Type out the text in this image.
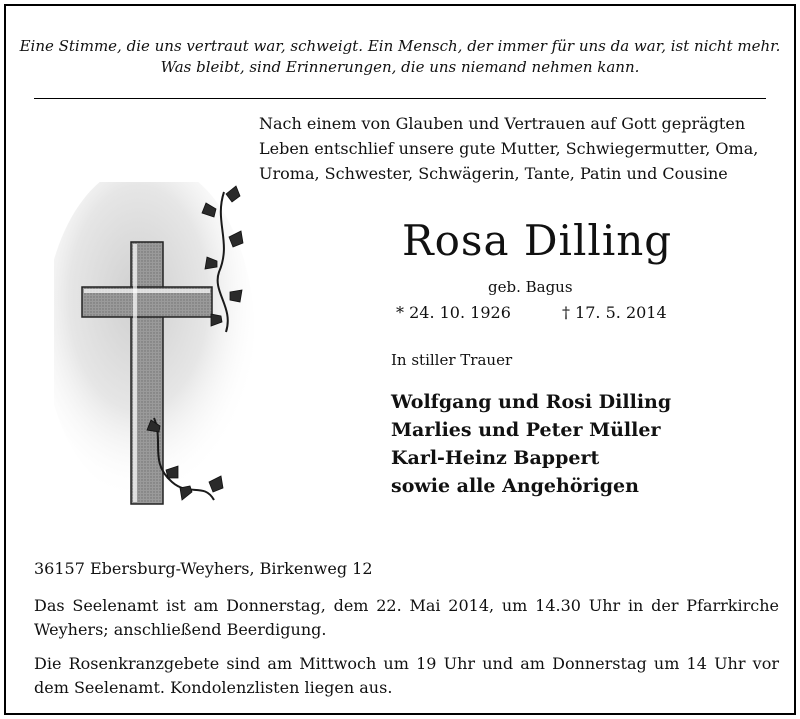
Eine Stimme, die uns vertraut war, schweigt. Ein Mensch, der immer für uns da war, ist nicht mehr.
Was bleibt, sind Erinnerungen, die uns niemand nehmen kann.

Nach einem von Glauben und Vertrauen auf Gott geprägten

Leben entschlief unsere gute Mutter, Schwiegermutter, Oma,

Uroma, Schwester, Schwägerin, Tante, Patin und Cousine

Rosa Dilling
geb. Bagus
* 24. 10. 1926	† 17. 5. 2014
In stiller Trauer
Wolfgang und Rosi Dilling
Marlies und Peter Müller
Karl-Heinz Bappert
sowie alle Angehörigen
36157 Ebersburg-Weyhers, Birkenweg 12
Das Seelenamt ist am Donnerstag, dem 22. Mai 2014, um 14.30 Uhr in der Pfarrkirche Weyhers; anschließend Beerdigung.
Die Rosenkranzgebete sind am Mittwoch um 19 Uhr und am Donnerstag um 14 Uhr vor dem Seelenamt. Kondolenzlisten liegen aus.
